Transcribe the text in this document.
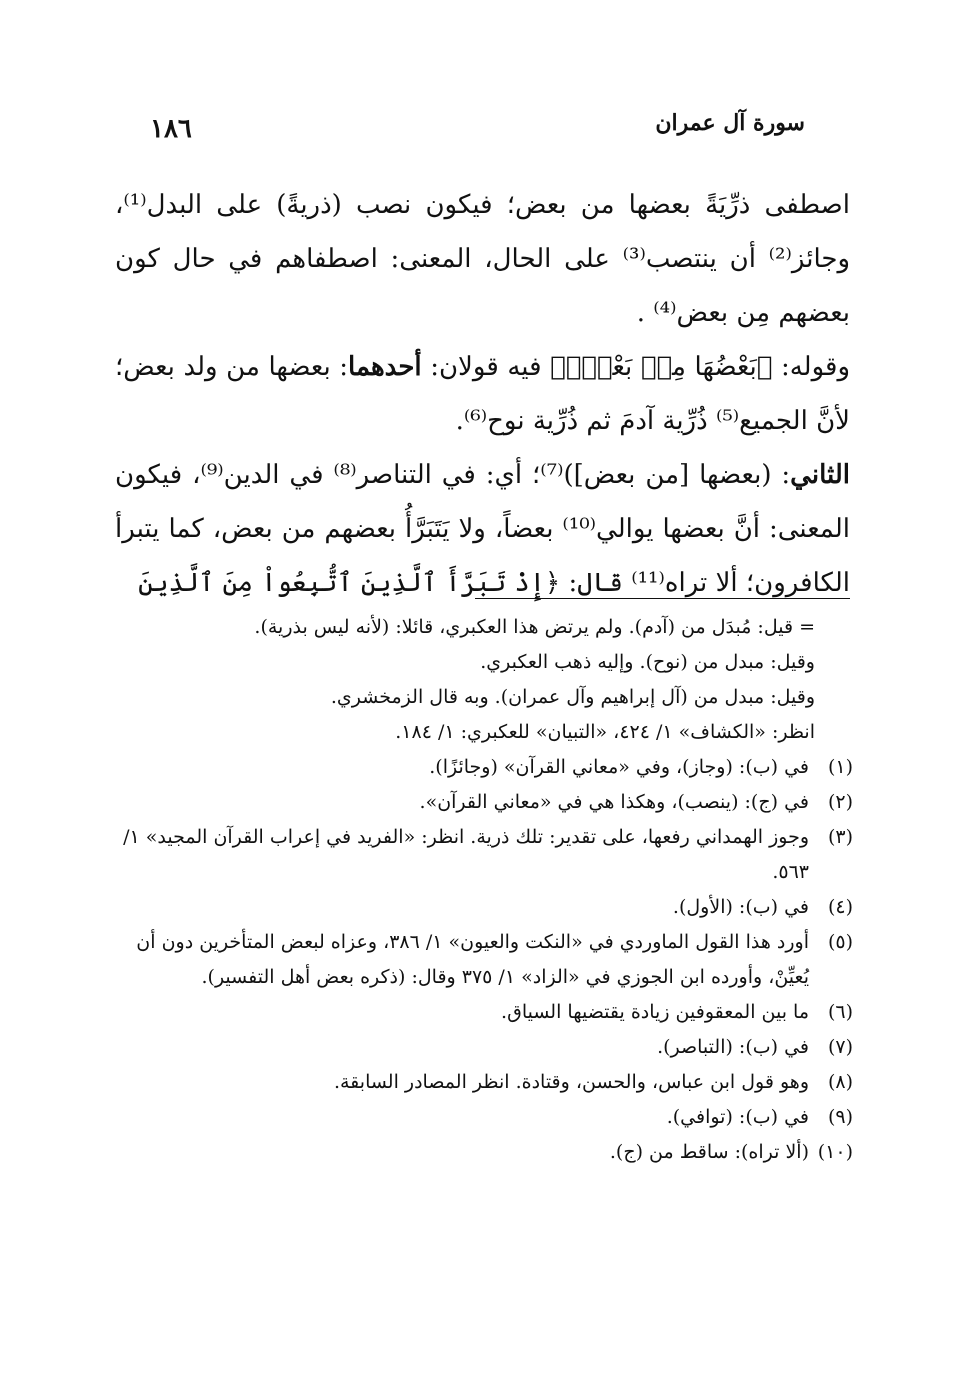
سورة آل عمران
١٨٦

اصطفى ذرِّيَةً بعضها من بعض؛ فيكون نصب (ذريةً) على البدل⁽¹⁾، وجائز⁽²⁾ أن ينتصب⁽³⁾ على الحال، المعنى: اصطفاهم في حال كون بعضهم مِن بعض⁽⁴⁾ .

وقوله: ﴿بَعْضُهَا مِنۢ بَعْضٍۗ﴾ فيه قولان: أحدهما: بعضها من ولد بعض؛ لأنَّ الجميع⁽⁵⁾ ذُرِّية آدمَ ثم ذُرِّية نوح⁽⁶⁾.

الثاني: (بعضها [من بعض])⁽⁷⁾؛ أي: في التناصر⁽⁸⁾ في الدين⁽⁹⁾، فيكون المعنى: أنَّ بعضها يوالي⁽¹⁰⁾ بعضاً، ولا يَتَبَرَّأُ بعضهم من بعض، كما يتبرأ الكافرون؛ ألا تراه⁽¹¹⁾ قال: ﴿إِذْ تَبَرَّأَ ٱلَّذِينَ ٱتُّبِعُواْ مِنَ ٱلَّذِينَ

= قيل: مُبدَل من (آدم). ولم يرتض هذا العكبري، قائلا: (لأنه ليس بذرية).
وقيل: مبدل من (نوح). وإليه ذهب العكبري.
وقيل: مبدل من (آل إبراهيم وآل عمران). وبه قال الزمخشري.
انظر: «الكشاف» ١/ ٤٢٤، «التبيان» للعكبري: ١/ ١٨٤.
(١)
في (ب): (وجاز)، وفي «معاني القرآن» (وجائزًا).
(٢)
في (ج): (ينصب)، وهكذا هي في «معاني القرآن».
(٣)
وجوز الهمداني رفعها، على تقدير: تلك ذرية. انظر: «الفريد في إعراب القرآن المجيد» ١/ ٥٦٣.
(٤)
في (ب): (الأول).
(٥)
أورد هذا القول الماوردي في «النكت والعيون» ١/ ٣٨٦، وعزاه لبعض المتأخرين دون أن يُعيِّنْ، وأورده ابن الجوزي في «الزاد» ١/ ٣٧٥ وقال: (ذكره بعض أهل التفسير).
(٦)
ما بين المعقوفين زيادة يقتضيها السياق.
(٧)
في (ب): (التباصر).
(٨)
وهو قول ابن عباس، والحسن، وقتادة. انظر المصادر السابقة.
(٩)
في (ب): (توافي).
(١٠)
(ألا تراه): ساقط من (ج).
